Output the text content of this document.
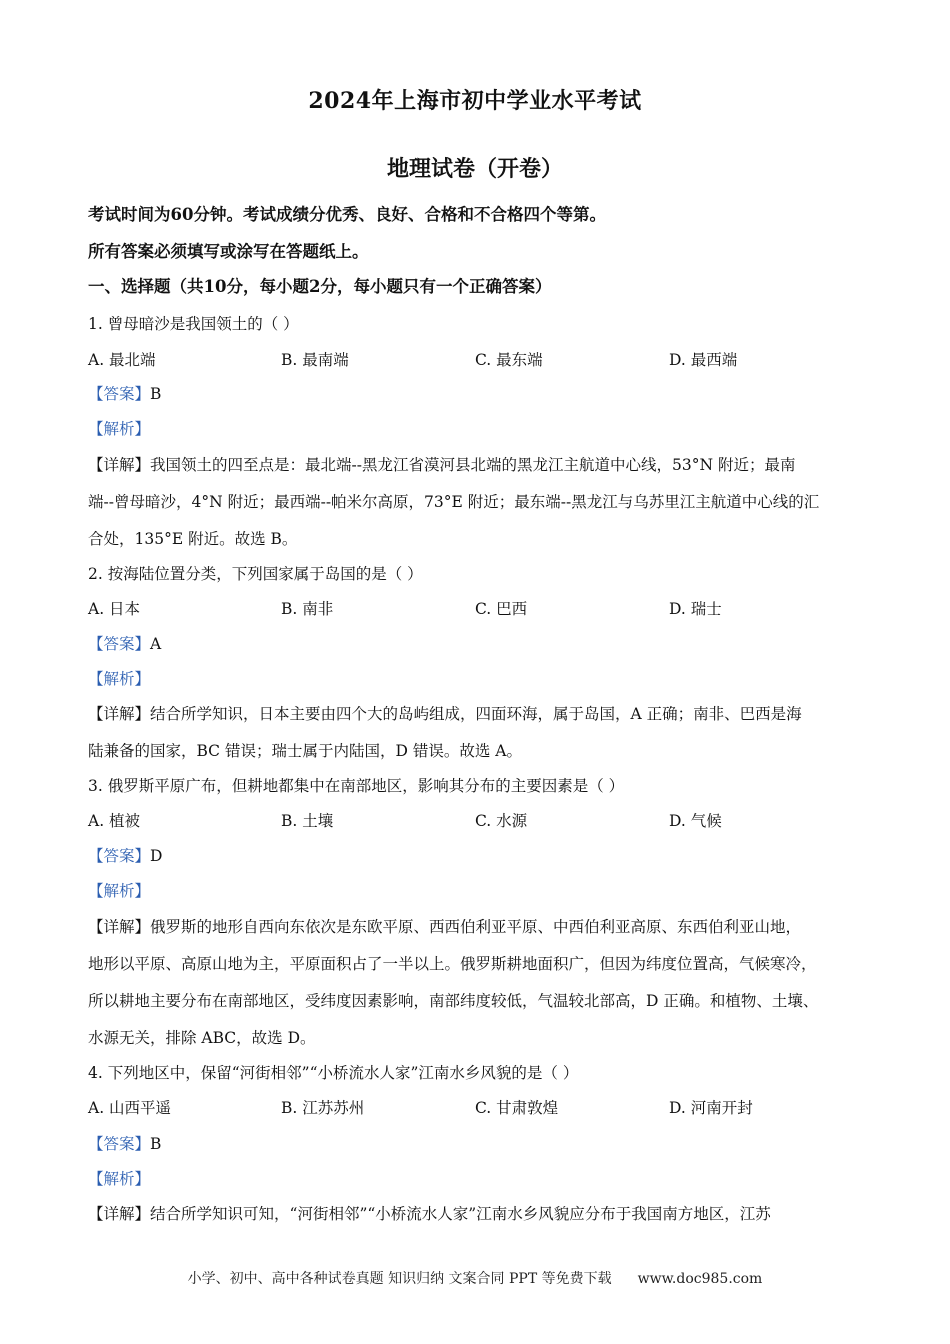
2024年上海市初中学业水平考试
地理试卷（开卷）
考试时间为60分钟。考试成绩分优秀、良好、合格和不合格四个等第。
所有答案必须填写或涂写在答题纸上。
一、选择题（共10分，每小题2分，每小题只有一个正确答案）
1. 曾母暗沙是我国领土的（ ）
A. 最北端	B. 最南端	C. 最东端	D. 最西端
【答案】B
【解析】
【详解】我国领土的四至点是：最北端--黑龙江省漠河县北端的黑龙江主航道中心线，53°N 附近；最南
端--曾母暗沙，4°N 附近；最西端--帕米尔高原，73°E 附近；最东端--黑龙江与乌苏里江主航道中心线的汇
合处，135°E 附近。故选 B。
2. 按海陆位置分类，下列国家属于岛国的是（ ）
A. 日本	B. 南非	C. 巴西	D. 瑞士
【答案】A
【解析】
【详解】结合所学知识，日本主要由四个大的岛屿组成，四面环海，属于岛国，A 正确；南非、巴西是海
陆兼备的国家，BC 错误；瑞士属于内陆国，D 错误。故选 A。
3. 俄罗斯平原广布，但耕地都集中在南部地区，影响其分布的主要因素是（ ）
A. 植被	B. 土壤	C. 水源	D. 气候
【答案】D
【解析】
【详解】俄罗斯的地形自西向东依次是东欧平原、西西伯利亚平原、中西伯利亚高原、东西伯利亚山地，
地形以平原、高原山地为主，平原面积占了一半以上。俄罗斯耕地面积广，但因为纬度位置高，气候寒冷，
所以耕地主要分布在南部地区，受纬度因素影响，南部纬度较低，气温较北部高，D 正确。和植物、土壤、
水源无关，排除 ABC，故选 D。
4. 下列地区中，保留“河街相邻”“小桥流水人家”江南水乡风貌的是（ ）
A. 山西平遥	B. 江苏苏州	C. 甘肃敦煌	D. 河南开封
【答案】B
【解析】
【详解】结合所学知识可知，“河街相邻”“小桥流水人家”江南水乡风貌应分布于我国南方地区，江苏
小学、初中、高中各种试卷真题 知识归纳 文案合同 PPT 等免费下载 www.doc985.com
